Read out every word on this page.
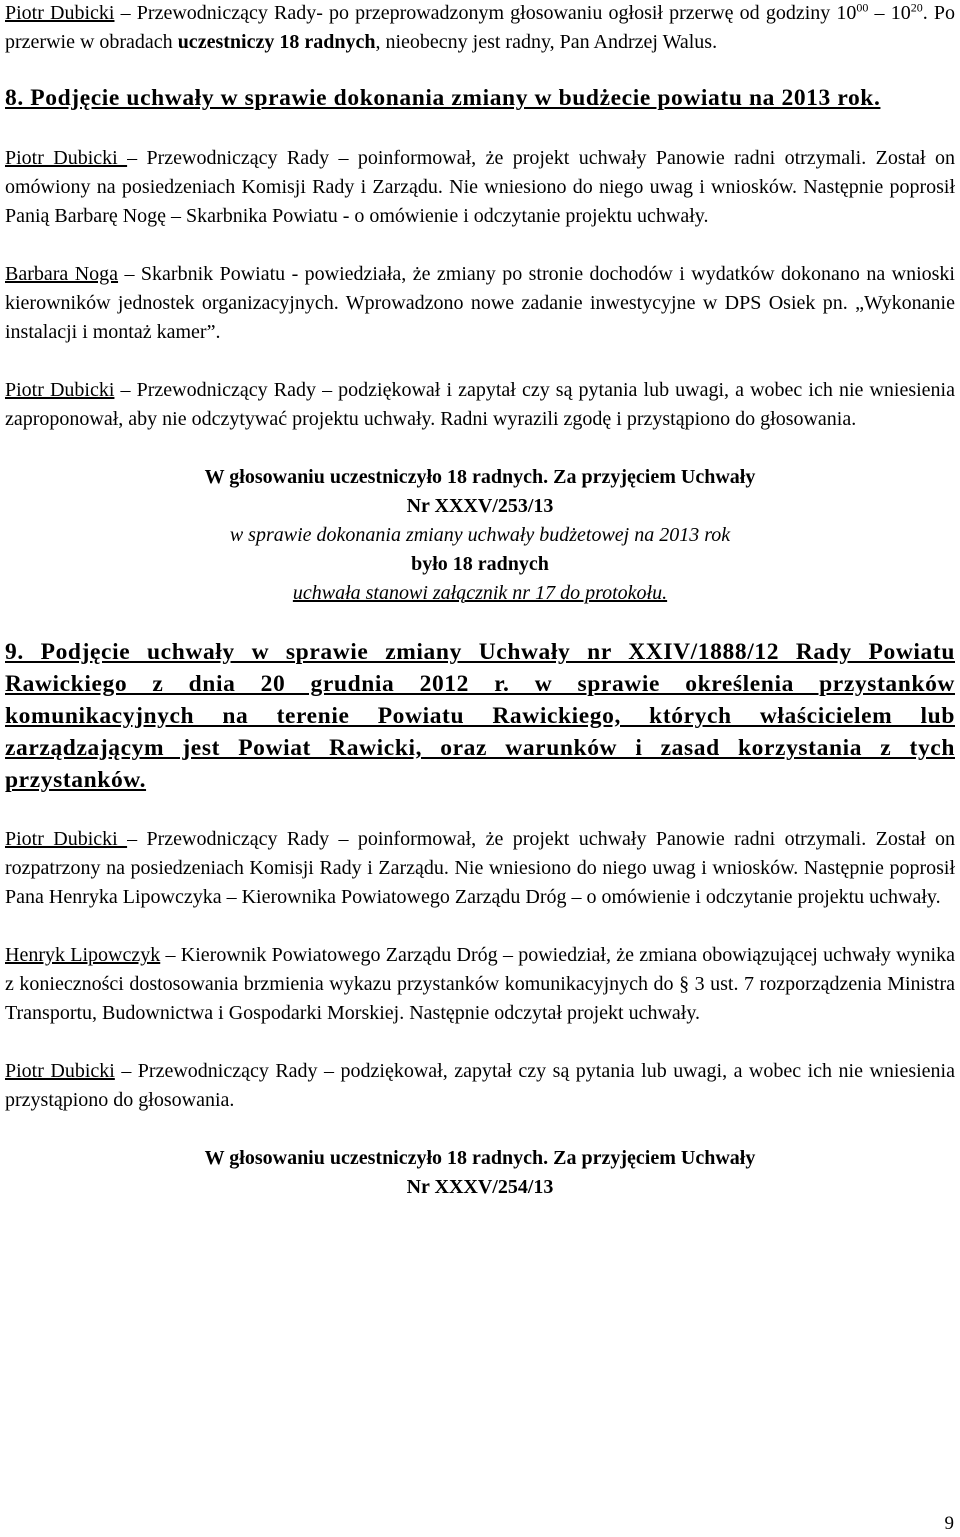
Piotr Dubicki – Przewodniczący Rady- po przeprowadzonym głosowaniu ogłosił przerwę od godziny $10^{00} - 10^{20}$. Po przerwie w obradach uczestniczy 18 radnych, nieobecny jest radny, Pan Andrzej Walus.

8. Podjęcie uchwały w sprawie dokonania zmiany w budżecie powiatu na 2013 rok.

Piotr Dubicki – Przewodniczący Rady – poinformował, że projekt uchwały Panowie radni otrzymali. Został on omówiony na posiedzeniach Komisji Rady i Zarządu. Nie wniesiono do niego uwag i wniosków. Następnie poprosił Panią Barbarę Nogę – Skarbnika Powiatu - o omówienie i odczytanie projektu uchwały.

Barbara Noga – Skarbnik Powiatu - powiedziała, że zmiany po stronie dochodów i wydatków dokonano na wnioski kierowników jednostek organizacyjnych. Wprowadzono nowe zadanie inwestycyjne w DPS Osiek pn. „Wykonanie instalacji i montaż kamer”.

Piotr Dubicki – Przewodniczący Rady – podziękował i zapytał czy są pytania lub uwagi, a wobec ich nie wniesienia zaproponował, aby nie odczytywać projektu uchwały. Radni wyrazili zgodę i przystąpiono do głosowania.

W głosowaniu uczestniczyło 18 radnych. Za przyjęciem Uchwały
Nr XXXV/253/13
w sprawie dokonania zmiany uchwały budżetowej na 2013 rok
było 18 radnych
uchwała stanowi załącznik nr 17 do protokołu.

9. Podjęcie uchwały w sprawie zmiany Uchwały nr XXIV/1888/12 Rady Powiatu Rawickiego z dnia 20 grudnia 2012 r. w sprawie określenia przystanków komunikacyjnych na terenie Powiatu Rawickiego, których właścicielem lub zarządzającym jest Powiat Rawicki, oraz warunków i zasad korzystania z tych przystanków.

Piotr Dubicki – Przewodniczący Rady – poinformował, że projekt uchwały Panowie radni otrzymali. Został on rozpatrzony na posiedzeniach Komisji Rady i Zarządu. Nie wniesiono do niego uwag i wniosków. Następnie poprosił Pana Henryka Lipowczyka – Kierownika Powiatowego Zarządu Dróg – o omówienie i odczytanie projektu uchwały.

Henryk Lipowczyk – Kierownik Powiatowego Zarządu Dróg – powiedział, że zmiana obowiązującej uchwały wynika z konieczności dostosowania brzmienia wykazu przystanków komunikacyjnych do § 3 ust. 7 rozporządzenia Ministra Transportu, Budownictwa i Gospodarki Morskiej. Następnie odczytał projekt uchwały.

Piotr Dubicki – Przewodniczący Rady – podziękował, zapytał czy są pytania lub uwagi, a wobec ich nie wniesienia przystąpiono do głosowania.

W głosowaniu uczestniczyło 18 radnych. Za przyjęciem Uchwały
Nr XXXV/254/13
9
